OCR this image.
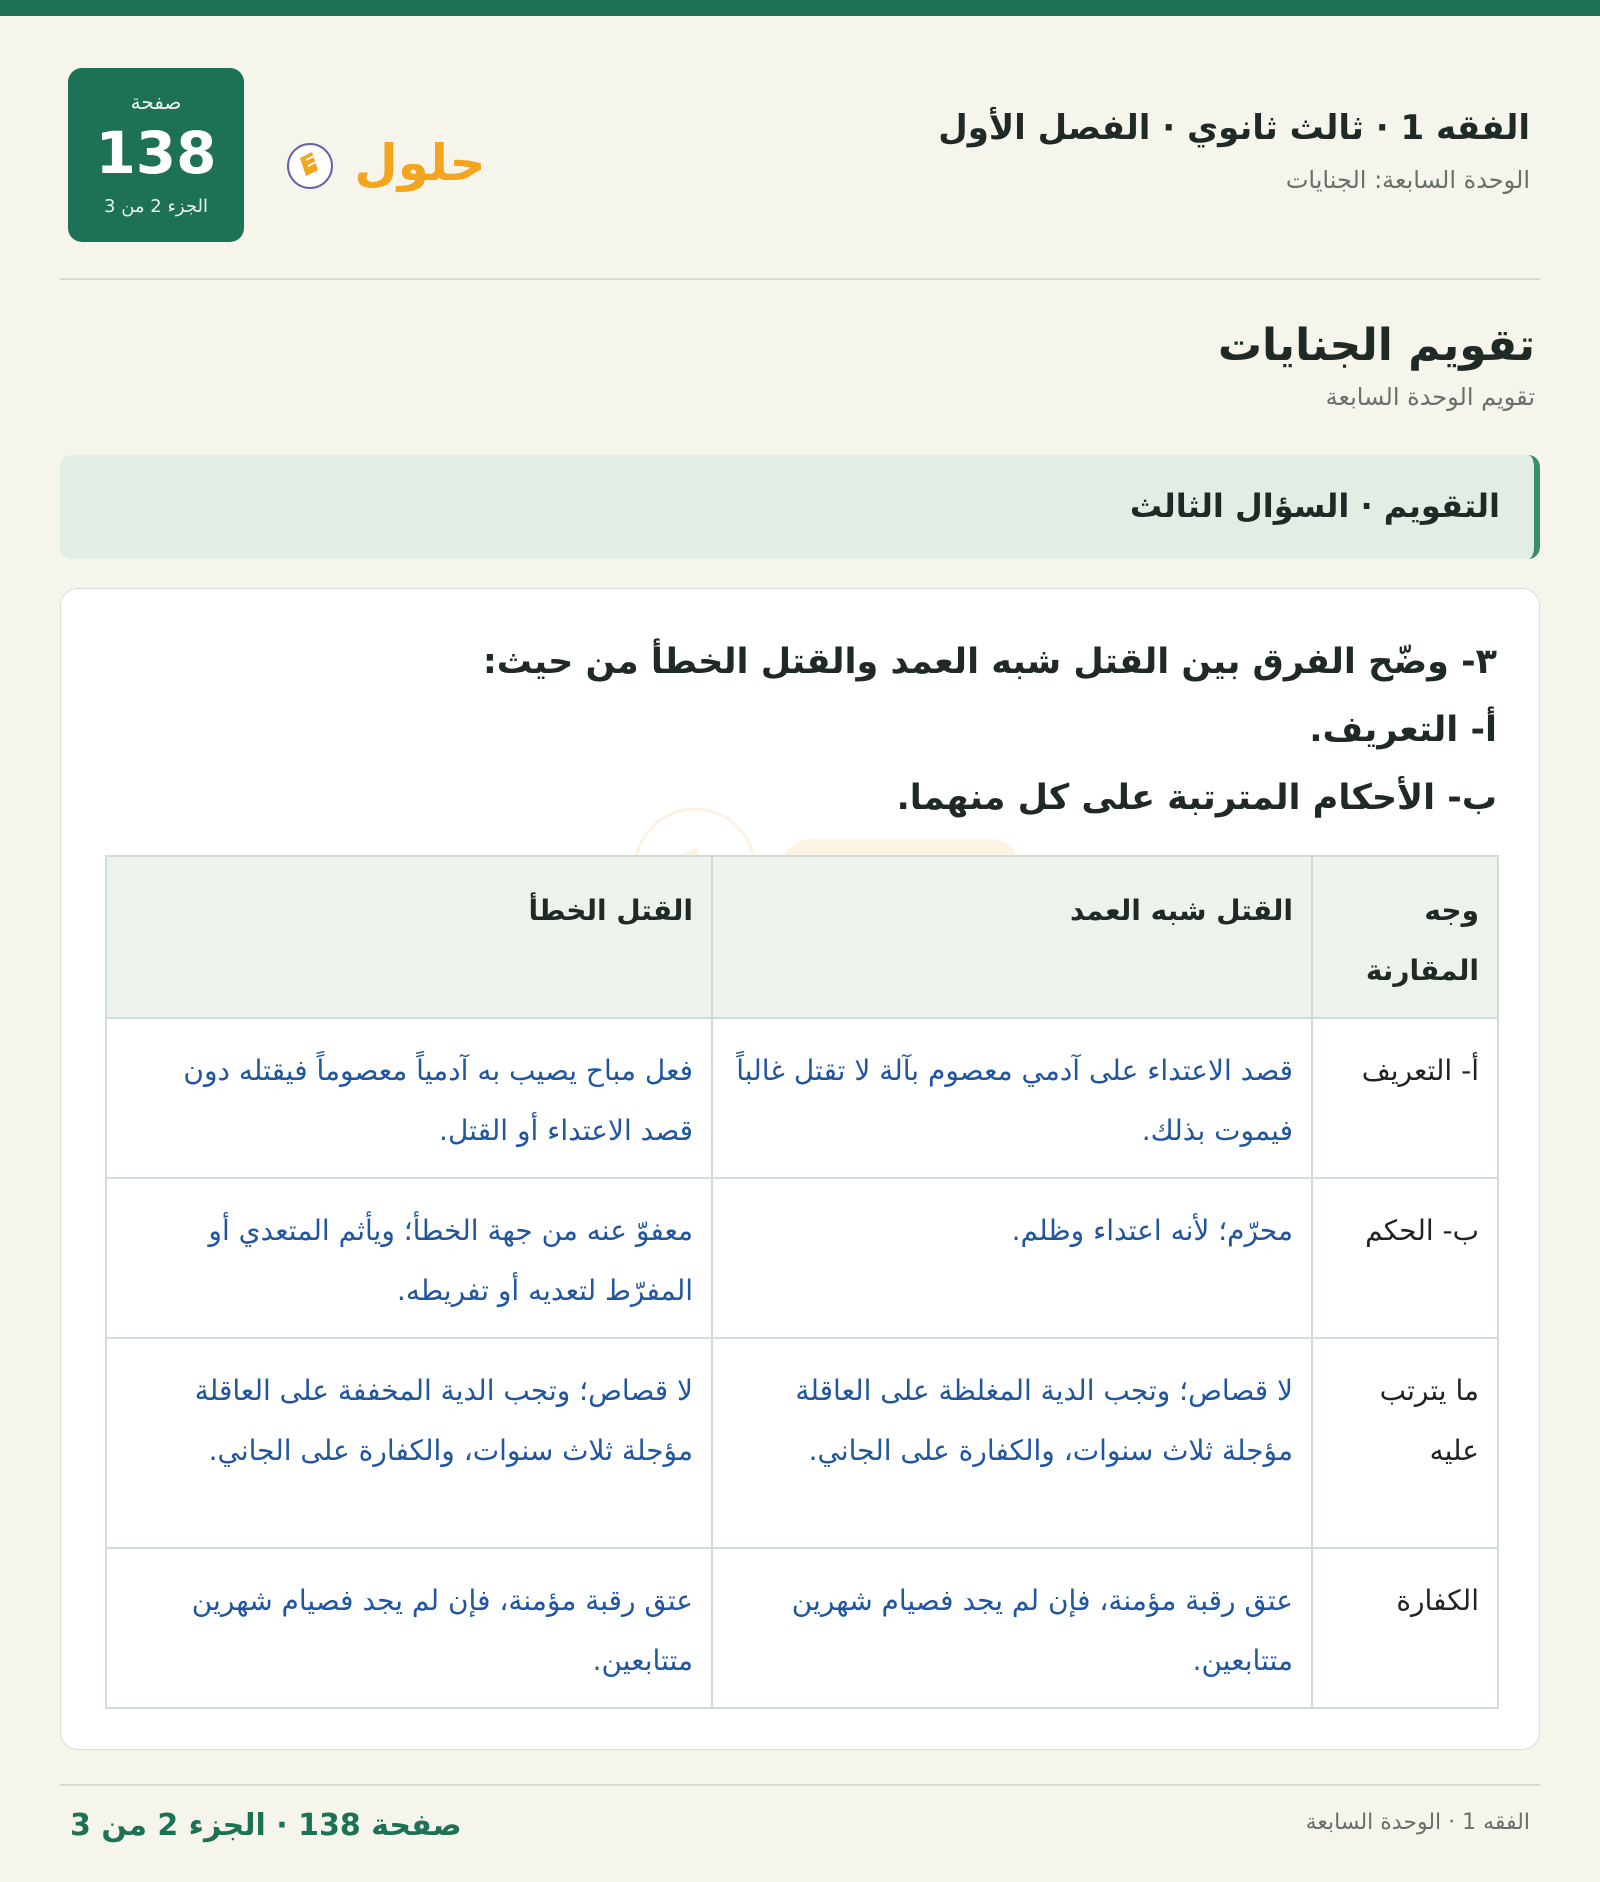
الفقه 1 · ثالث ثانوي · الفصل الأول
الوحدة السابعة: الجنايات
حلول
صفحة
138
الجزء 2 من 3
تقويم الجنايات
تقويم الوحدة السابعة
التقويم · السؤال الثالث
٣- وضّح الفرق بين القتل شبه العمد والقتل الخطأ من حيث:
أ- التعريف.
ب- الأحكام المترتبة على كل منهما.
وجه المقارنة	القتل شبه العمد	القتل الخطأ
أ- التعريف	قصد الاعتداء على آدمي معصوم بآلة لا تقتل غالباً فيموت بذلك.	فعل مباح يصيب به آدمياً معصوماً فيقتله دون قصد الاعتداء أو القتل.
ب- الحكم	محرّم؛ لأنه اعتداء وظلم.	معفوّ عنه من جهة الخطأ؛ ويأثم المتعدي أو المفرّط لتعديه أو تفريطه.
ما يترتب عليه	لا قصاص؛ وتجب الدية المغلظة على العاقلة مؤجلة ثلاث سنوات، والكفارة على الجاني.	لا قصاص؛ وتجب الدية المخففة على العاقلة مؤجلة ثلاث سنوات، والكفارة على الجاني.
الكفارة	عتق رقبة مؤمنة، فإن لم يجد فصيام شهرين متتابعين.	عتق رقبة مؤمنة، فإن لم يجد فصيام شهرين متتابعين.
صفحة 138 · الجزء 2 من 3	الفقه 1 · الوحدة السابعة
